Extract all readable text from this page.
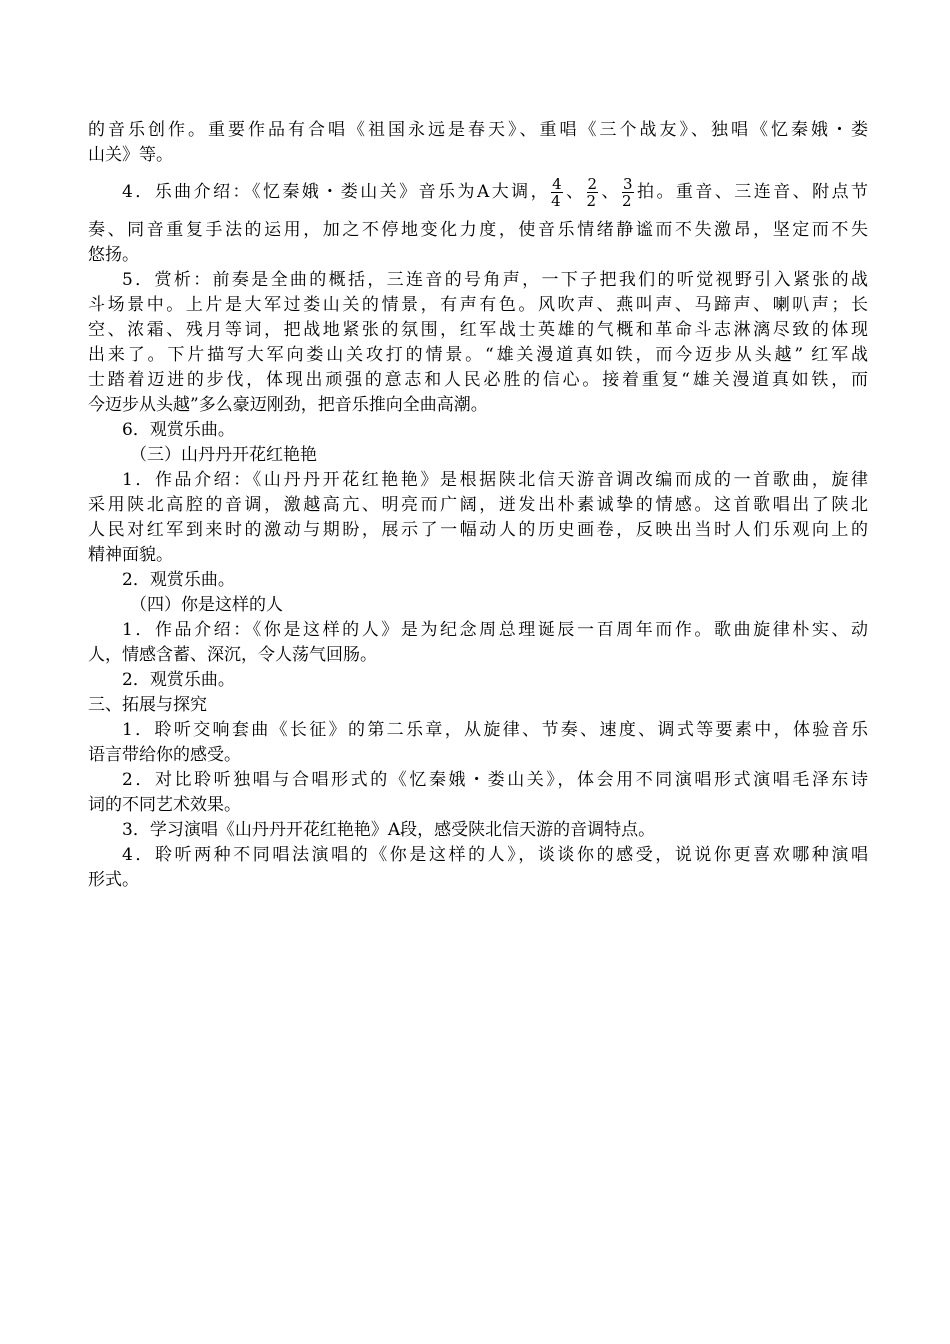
的音乐创作。重要作品有合唱《祖国永远是春天》、重唱《三个战友》、独唱《忆秦娥・娄
山关》等。
4．乐曲介绍：《忆秦娥・娄山关》音乐为A大调， $\frac{4}{4}$ 、 $\frac{2}{2}$ 、 $\frac{3}{2}$ 拍。重音、三连音、附点节
奏、同音重复手法的运用，加之不停地变化力度，使音乐情绪静谧而不失激昂，坚定而不失
悠扬。
5．赏析：前奏是全曲的概括，三连音的号角声，一下子把我们的听觉视野引入紧张的战
斗场景中。上片是大军过娄山关的情景，有声有色。风吹声、燕叫声、马蹄声、喇叭声；长
空、浓霜、残月等词，把战地紧张的氛围，红军战士英雄的气概和革命斗志淋漓尽致的体现
出来了。下片描写大军向娄山关攻打的情景。“雄关漫道真如铁，而今迈步从头越” 红军战
士踏着迈进的步伐，体现出顽强的意志和人民必胜的信心。接着重复“雄关漫道真如铁，而
今迈步从头越”多么豪迈刚劲，把音乐推向全曲高潮。
6．观赏乐曲。
（三）山丹丹开花红艳艳
1．作品介绍：《山丹丹开花红艳艳》是根据陕北信天游音调改编而成的一首歌曲，旋律
采用陕北高腔的音调，激越高亢、明亮而广阔，迸发出朴素诚挚的情感。这首歌唱出了陕北
人民对红军到来时的激动与期盼，展示了一幅动人的历史画卷，反映出当时人们乐观向上的
精神面貌。
2．观赏乐曲。
（四）你是这样的人
1．作品介绍：《你是这样的人》是为纪念周总理诞辰一百周年而作。歌曲旋律朴实、动
人，情感含蓄、深沉，令人荡气回肠。
2．观赏乐曲。
三、拓展与探究
1．聆听交响套曲《长征》的第二乐章，从旋律、节奏、速度、调式等要素中，体验音乐
语言带给你的感受。
2．对比聆听独唱与合唱形式的《忆秦娥・娄山关》，体会用不同演唱形式演唱毛泽东诗
词的不同艺术效果。
3．学习演唱《山丹丹开花红艳艳》A段，感受陕北信天游的音调特点。
4．聆听两种不同唱法演唱的《你是这样的人》，谈谈你的感受，说说你更喜欢哪种演唱
形式。
